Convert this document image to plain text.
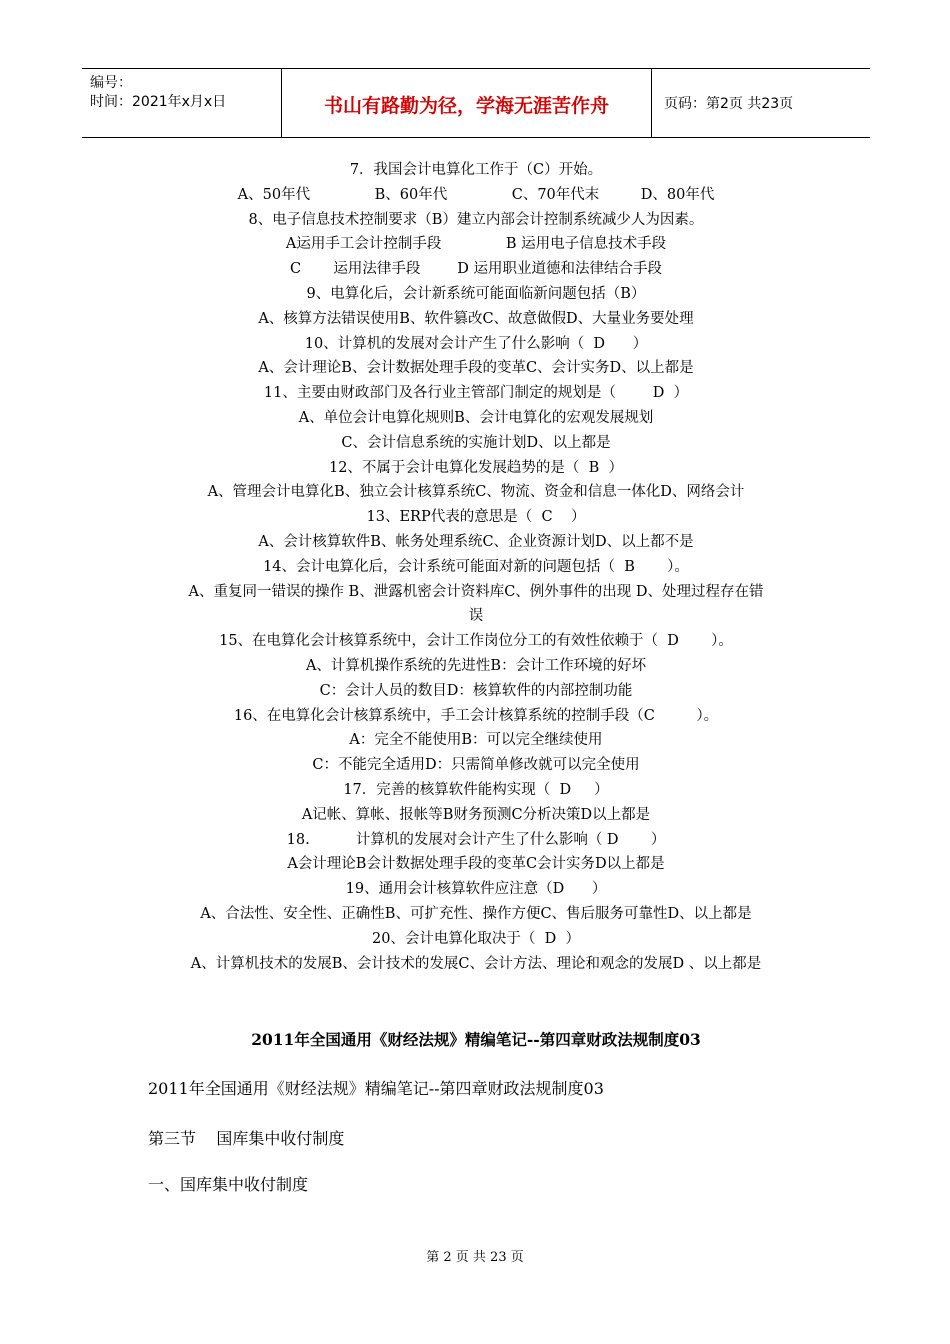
编号：
时间：2021年x月x日	书山有路勤为径，学海无涯苦作舟	页码：第2页 共23页
7．我国会计电算化工作于（C）开始。
A、50年代              B、60年代              C、70年代末         D、80年代
8、电子信息技术控制要求（B）建立内部会计控制系统减少人为因素。
A运用手工会计控制手段              B 运用电子信息技术手段
C       运用法律手段        D 运用职业道德和法律结合手段
9、电算化后，会计新系统可能面临新问题包括（B）
A、核算方法错误使用B、软件篡改C、故意做假D、大量业务要处理
10、计算机的发展对会计产生了什么影响（  D      ）
A、会计理论B、会计数据处理手段的变革C、会计实务D、以上都是
11、主要由财政部门及各行业主管部门制定的规划是（        D  ）
A、单位会计电算化规则B、会计电算化的宏观发展规划
C、会计信息系统的实施计划D、以上都是
12、不属于会计电算化发展趋势的是（  B  ）
A、管理会计电算化B、独立会计核算系统C、物流、资金和信息一体化D、网络会计
13、ERP代表的意思是（  C    ）
A、会计核算软件B、帐务处理系统C、企业资源计划D、以上都不是
14、会计电算化后，会计系统可能面对新的问题包括（  B       ）。
A、重复同一错误的操作 B、泄露机密会计资料库C、例外事件的出现 D、处理过程存在错
误
15、在电算化会计核算系统中，会计工作岗位分工的有效性依赖于（  D       ）。
A、计算机操作系统的先进性B：会计工作环境的好坏
C：会计人员的数目D：核算软件的内部控制功能
16、在电算化会计核算系统中，手工会计核算系统的控制手段（C         ）。
A：完全不能使用B：可以完全继续使用
C：不能完全适用D：只需简单修改就可以完全使用
17．完善的核算软件能构实现（  D     ）
A记帐、算帐、报帐等B财务预测C分析决策D以上都是
18.          计算机的发展对会计产生了什么影响（ D       ）
A会计理论B会计数据处理手段的变革C会计实务D以上都是
19、通用会计核算软件应注意（D      ）
A、合法性、安全性、正确性B、可扩充性、操作方便C、售后服务可靠性D、以上都是
20、会计电算化取决于（  D  ）
A、计算机技术的发展B、会计技术的发展C、会计方法、理论和观念的发展D 、以上都是
2011年全国通用《财经法规》精编笔记--第四章财政法规制度03
2011年全国通用《财经法规》精编笔记--第四章财政法规制度03
第三节    国库集中收付制度
一、国库集中收付制度
第 2 页 共 23 页
